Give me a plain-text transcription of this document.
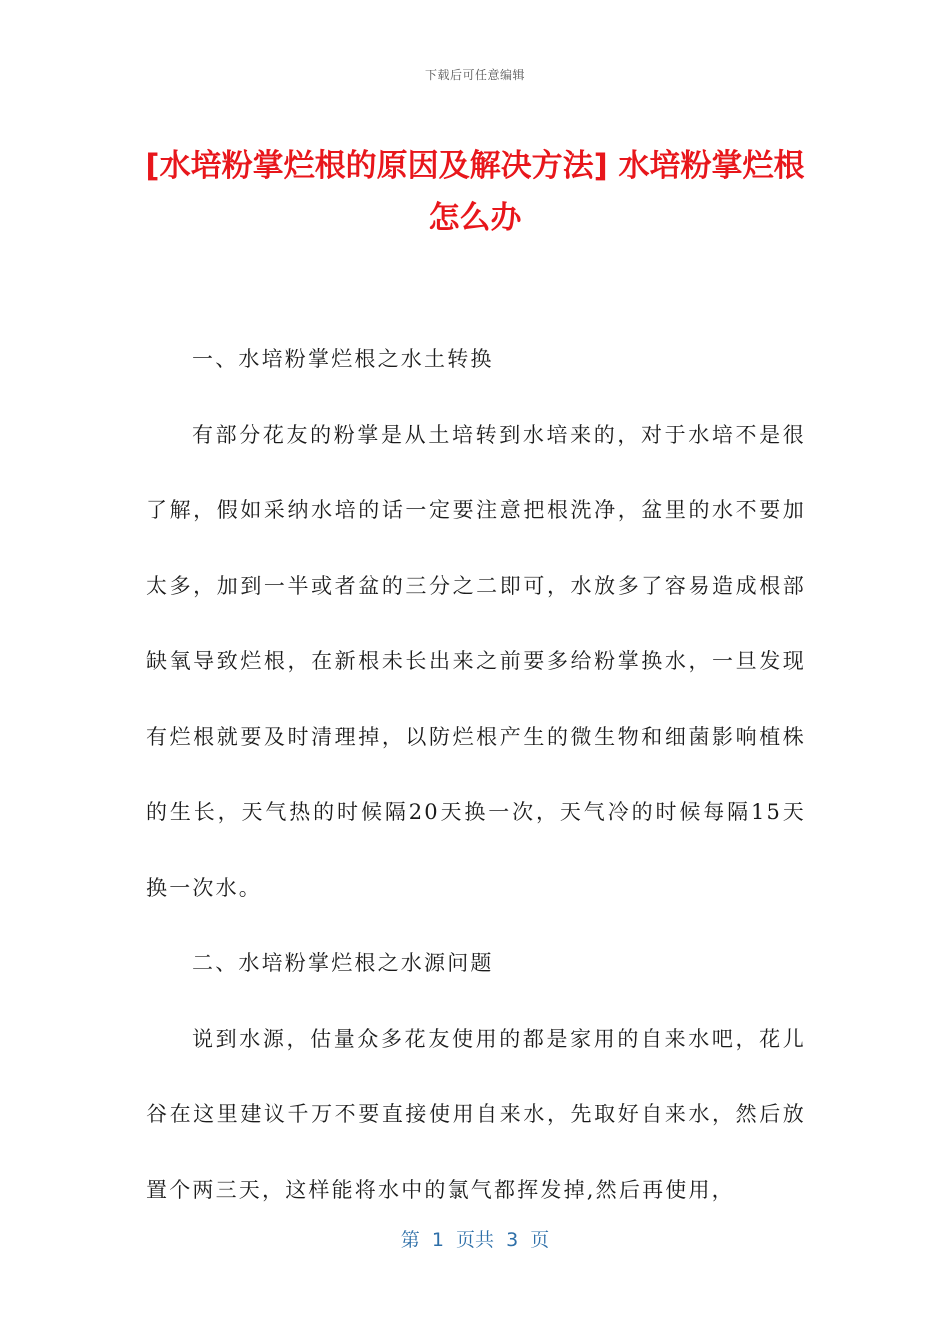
下载后可任意编辑
[水培粉掌烂根的原因及解决方法] 水培粉掌烂根怎么办

一、水培粉掌烂根之水土转换

有部分花友的粉掌是从土培转到水培来的，对于水培不是很了解，假如采纳水培的话一定要注意把根洗净，盆里的水不要加太多，加到一半或者盆的三分之二即可，水放多了容易造成根部缺氧导致烂根，在新根未长出来之前要多给粉掌换水，一旦发现有烂根就要及时清理掉，以防烂根产生的微生物和细菌影响植株的生长，天气热的时候隔20天换一次，天气冷的时候每隔15天换一次水。

二、水培粉掌烂根之水源问题

说到水源，估量众多花友使用的都是家用的自来水吧，花儿谷在这里建议千万不要直接使用自来水，先取好自来水，然后放置个两三天，这样能将水中的氯气都挥发掉,然后再使用，

第  1  页共  3  页
